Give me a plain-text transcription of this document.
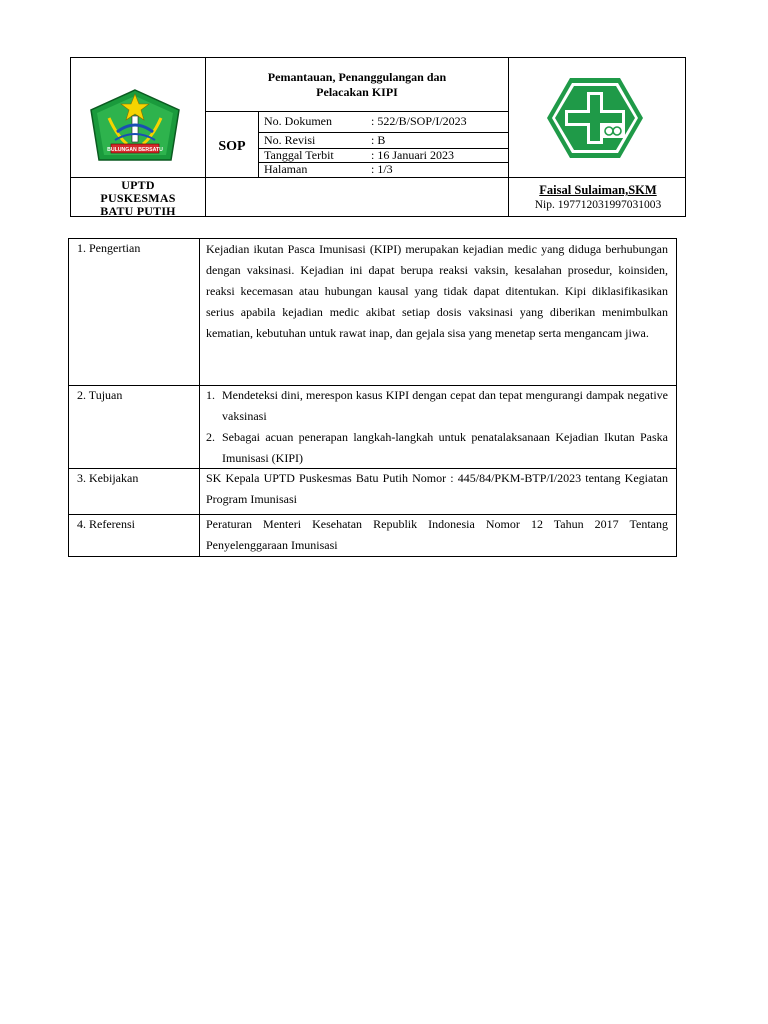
BULUNGAN BERSATU
UPTD
PUSKESMAS
BATU PUTIH
Pemantauan, Penanggulangan dan
Pelacakan KIPI
SOP
No. Dokumen	: 522/B/SOP/I/2023
No. Revisi	: B
Tanggal Terbit	: 16 Januari 2023
Halaman	: 1/3
Faisal Sulaiman,SKM
Nip. 197712031997031003
1. Pengertian	Kejadian ikutan Pasca Imunisasi (KIPI) merupakan kejadian medic yang diduga berhubungan dengan vaksinasi. Kejadian ini dapat berupa reaksi vaksin, kesalahan prosedur, koinsiden, reaksi kecemasan atau hubungan kausal yang tidak dapat ditentukan. Kipi diklasifikasikan serius apabila kejadian medic akibat setiap dosis vaksinasi yang diberikan menimbulkan kematian, kebutuhan untuk rawat inap, dan gejala sisa yang menetap serta mengancam jiwa.
2. Tujuan	1. Mendeteksi dini, merespon kasus KIPI dengan cepat dan tepat mengurangi dampak negative vaksinasi
2. Sebagai acuan penerapan langkah-langkah untuk penatalaksanaan Kejadian Ikutan Paska Imunisasi (KIPI)
3. Kebijakan	SK Kepala UPTD Puskesmas Batu Putih Nomor : 445/84/PKM-BTP/I/2023 tentang Kegiatan Program Imunisasi
4. Referensi	Peraturan Menteri Kesehatan Republik Indonesia Nomor 12 Tahun 2017 Tentang Penyelenggaraan Imunisasi
